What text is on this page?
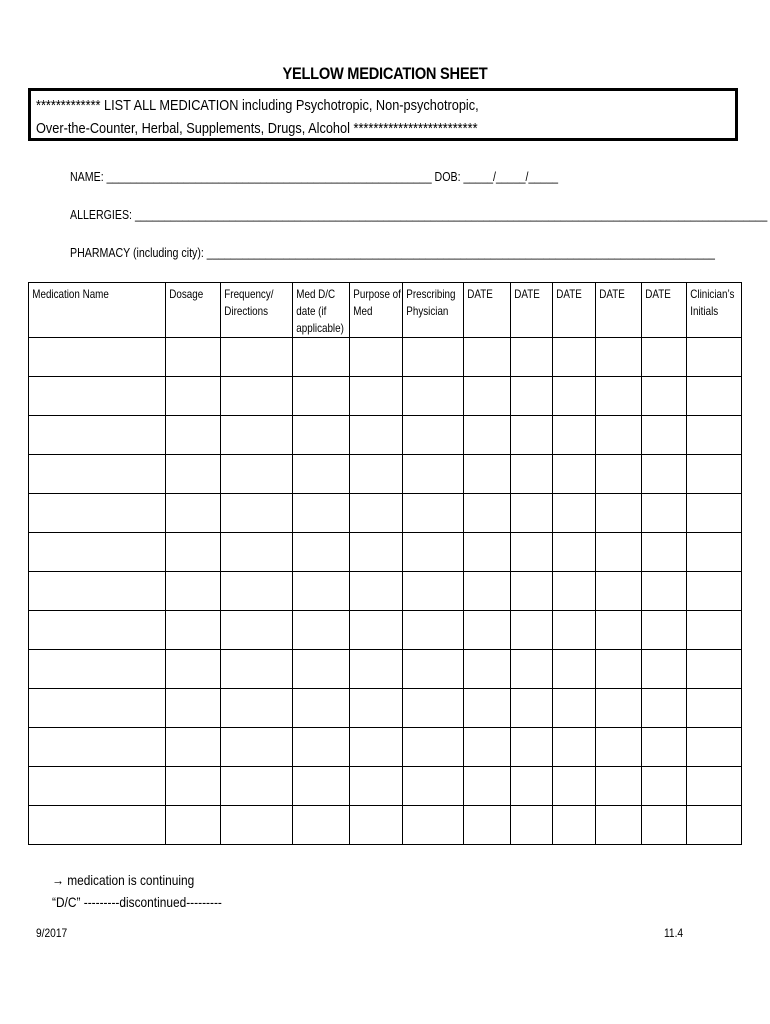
YELLOW MEDICATION SHEET
************* LIST ALL MEDICATION including Psychotropic, Non-psychotropic,
Over-the-Counter, Herbal, Supplements, Drugs, Alcohol *************************
NAME: _______________________________________________________ DOB: _____/_____/_____
ALLERGIES: ___________________________________________________________________________________________________________
PHARMACY (including city): ______________________________________________________________________________________
Medication Name	Dosage	Frequency/ Directions	Med D/C date (if applicable)	Purpose of Med	Prescribing Physician	DATE	DATE	DATE	DATE	DATE	Clinician’s Initials

→ medication is continuing
“D/C” ---------discontinued---------
9/2017	11.4
